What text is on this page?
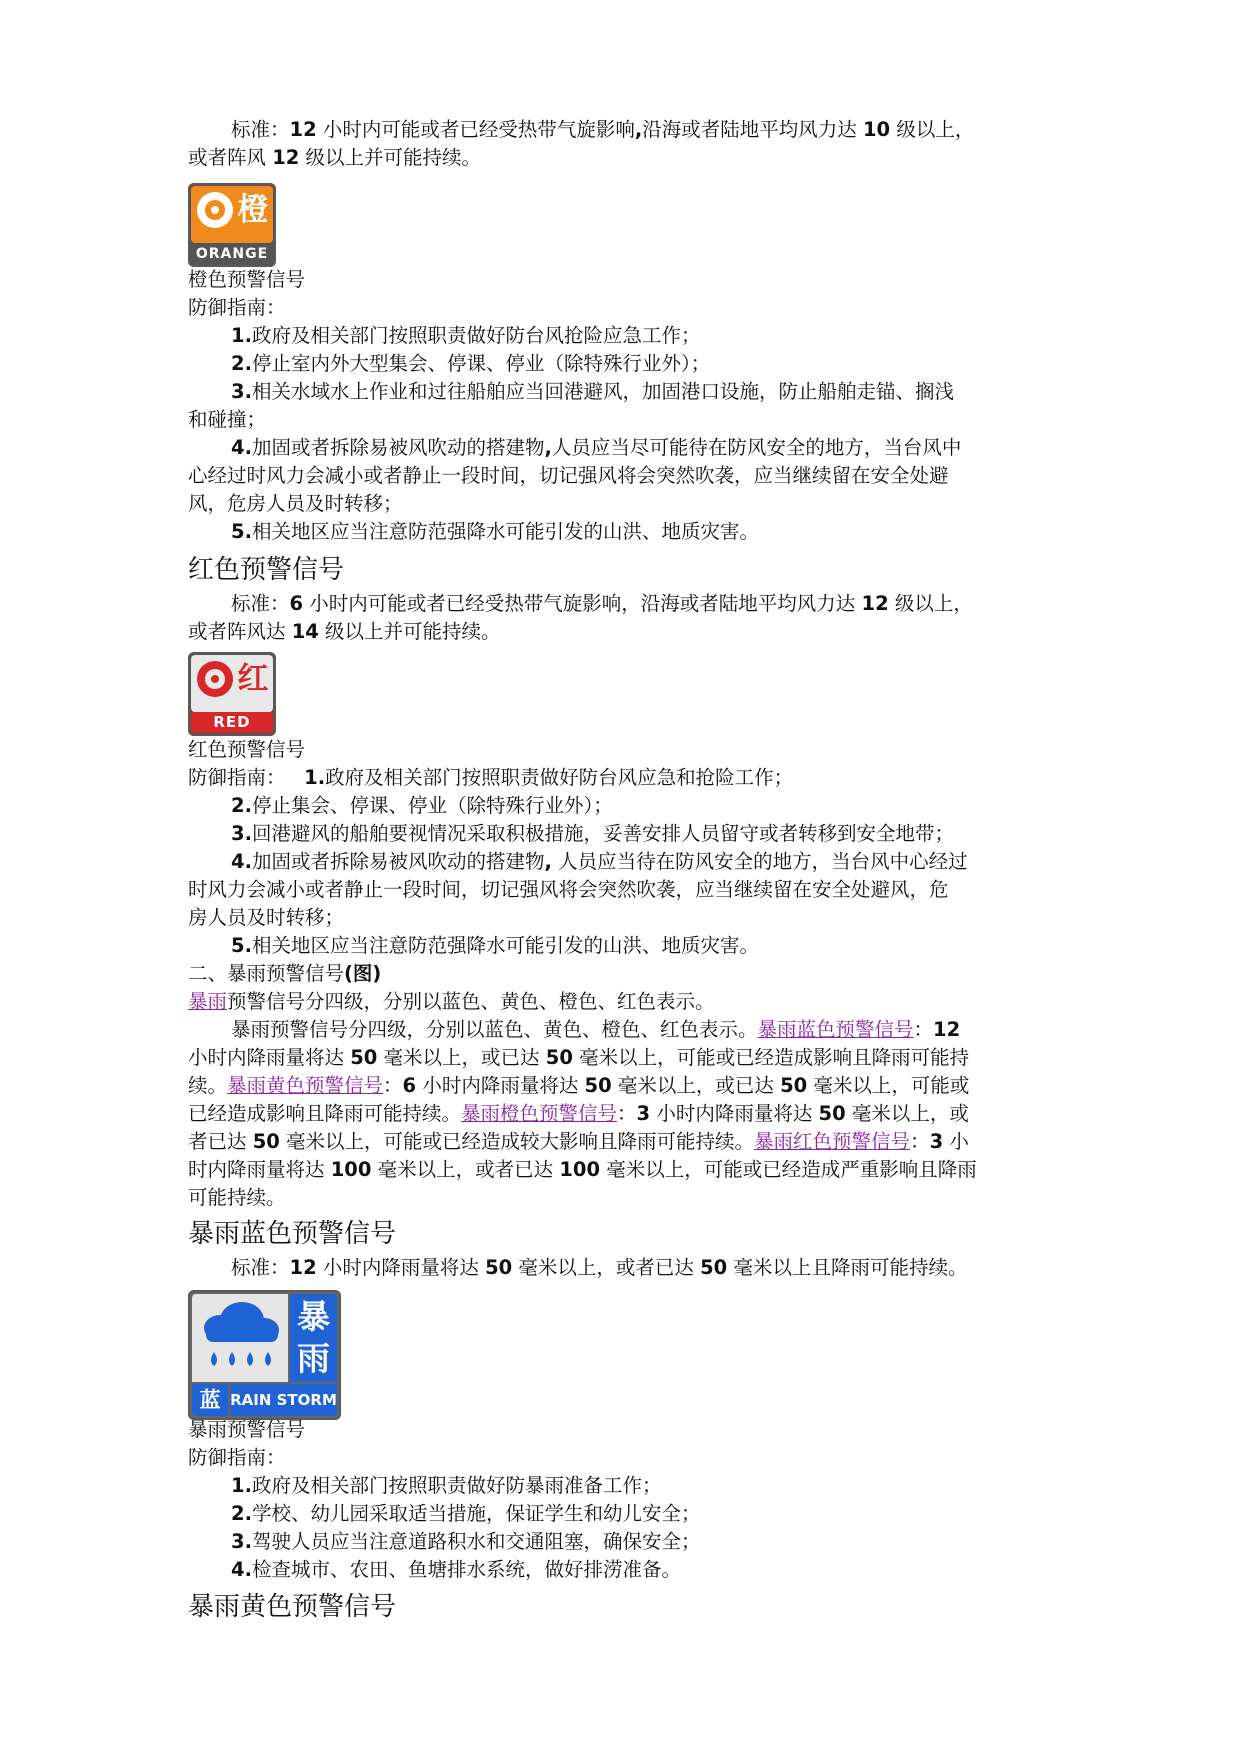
标准：12 小时内可能或者已经受热带气旋影响,沿海或者陆地平均风力达 10 级以上，

或者阵风 12 级以上并可能持续。

橙
ORANGE

橙色预警信号

防御指南：

1.政府及相关部门按照职责做好防台风抢险应急工作；

2.停止室内外大型集会、停课、停业（除特殊行业外）；

3.相关水域水上作业和过往船舶应当回港避风，加固港口设施，防止船舶走锚、搁浅

和碰撞；

4.加固或者拆除易被风吹动的搭建物,人员应当尽可能待在防风安全的地方，当台风中

心经过时风力会减小或者静止一段时间，切记强风将会突然吹袭，应当继续留在安全处避

风，危房人员及时转移；

5.相关地区应当注意防范强降水可能引发的山洪、地质灾害。

红色预警信号

标准：6 小时内可能或者已经受热带气旋影响，沿海或者陆地平均风力达 12 级以上，

或者阵风达 14 级以上并可能持续。

红
RED

红色预警信号

防御指南： 1.政府及相关部门按照职责做好防台风应急和抢险工作；

2.停止集会、停课、停业（除特殊行业外）；

3.回港避风的船舶要视情况采取积极措施，妥善安排人员留守或者转移到安全地带；

4.加固或者拆除易被风吹动的搭建物, 人员应当待在防风安全的地方，当台风中心经过

时风力会减小或者静止一段时间，切记强风将会突然吹袭，应当继续留在安全处避风，危

房人员及时转移；

5.相关地区应当注意防范强降水可能引发的山洪、地质灾害。

二、暴雨预警信号(图)

暴雨预警信号分四级，分别以蓝色、黄色、橙色、红色表示。

暴雨预警信号分四级，分别以蓝色、黄色、橙色、红色表示。暴雨蓝色预警信号：12

小时内降雨量将达 50 毫米以上，或已达 50 毫米以上，可能或已经造成影响且降雨可能持

续。暴雨黄色预警信号：6 小时内降雨量将达 50 毫米以上，或已达 50 毫米以上，可能或

已经造成影响且降雨可能持续。暴雨橙色预警信号：3 小时内降雨量将达 50 毫米以上，或

者已达 50 毫米以上，可能或已经造成较大影响且降雨可能持续。暴雨红色预警信号：3 小

时内降雨量将达 100 毫米以上，或者已达 100 毫米以上，可能或已经造成严重影响且降雨

可能持续。

暴雨蓝色预警信号

标准：12 小时内降雨量将达 50 毫米以上，或者已达 50 毫米以上且降雨可能持续。

暴
雨
蓝 RAIN STORM

暴雨预警信号

防御指南：

1.政府及相关部门按照职责做好防暴雨准备工作；

2.学校、幼儿园采取适当措施，保证学生和幼儿安全；

3.驾驶人员应当注意道路积水和交通阻塞，确保安全；

4.检查城市、农田、鱼塘排水系统，做好排涝准备。

暴雨黄色预警信号
